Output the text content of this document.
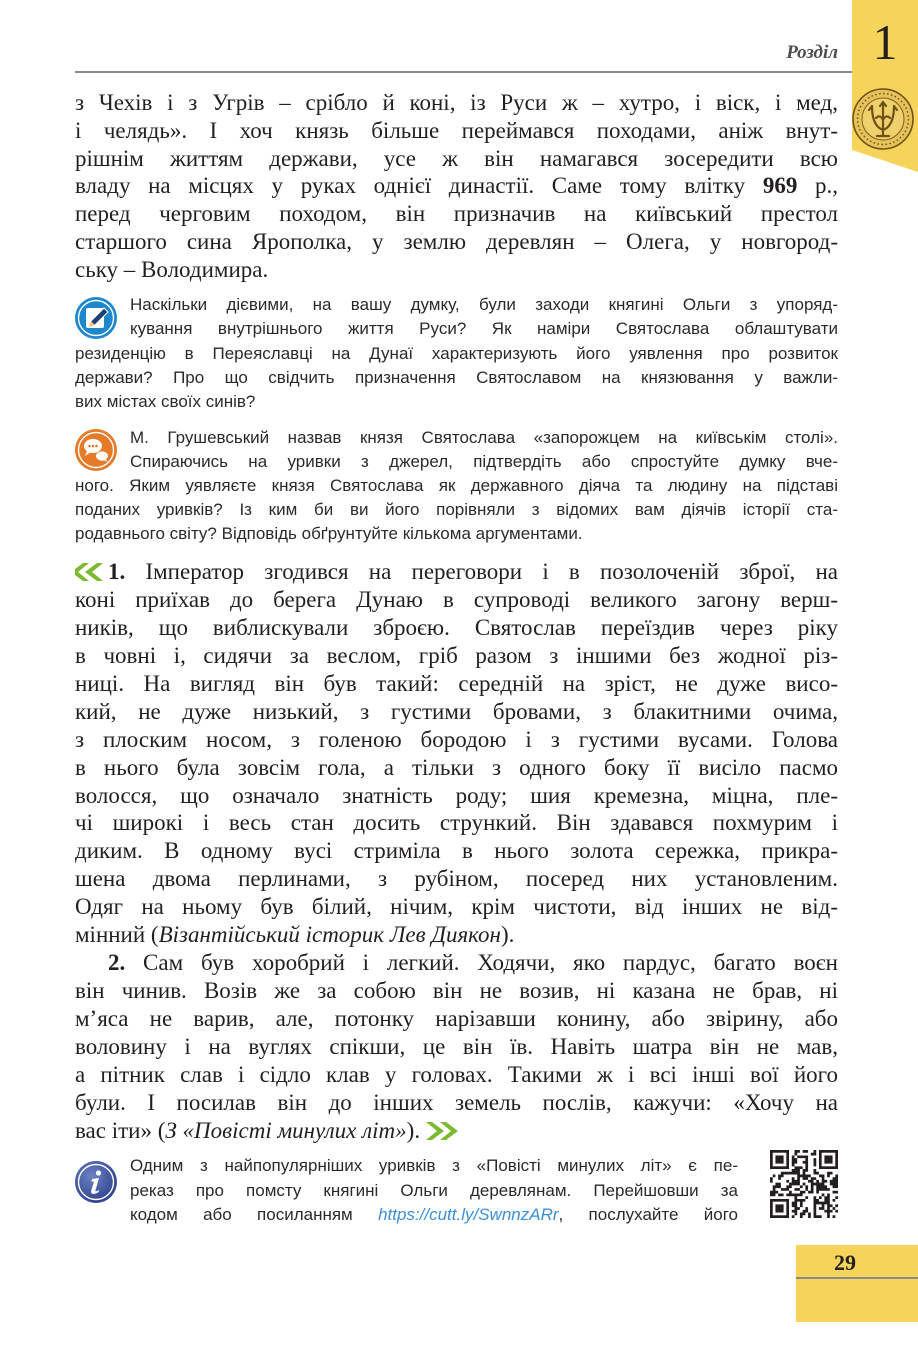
1
Розділ
з Чехів і з Угрів – срібло й коні, із Руси ж – хутро, і віск, і мед,
і челядь». І хоч князь більше переймався походами, аніж внут-
рішнім життям держави, усе ж він намагався зосередити всю
владу на місцях у руках однієї династії. Саме тому влітку 969 р.,
перед черговим походом, він призначив на київський престол
старшого сина Ярополка, у землю деревлян – Олега, у новгород-
ську – Володимира.
Наскільки дієвими, на вашу думку, були заходи княгині Ольги з упоряд-
кування внутрішнього життя Руси? Як наміри Святослава облаштувати
резиденцію в Переяславці на Дунаї характеризують його уявлення про розвиток
держави? Про що свідчить призначення Святославом на князювання у важли-
вих містах своїх синів?
М. Грушевський назвав князя Святослава «запорожцем на київськім столі».
Спираючись на уривки з джерел, підтвердіть або спростуйте думку вче-
ного. Яким уявляєте князя Святослава як державного діяча та людину на підставі
поданих уривків? Із ким би ви його порівняли з відомих вам діячів історії ста-
родавнього світу? Відповідь обґрунтуйте кількома аргументами.
1. Імператор згодився на переговори і в позолоченій зброї, на
коні приїхав до берега Дунаю в супроводі великого загону верш-
ників, що виблискували зброєю. Святослав переїздив через ріку
в човні і, сидячи за веслом, гріб разом з іншими без жодної різ-
ниці. На вигляд він був такий: середній на зріст, не дуже висо-
кий, не дуже низький, з густими бровами, з блакитними очима,
з плоским носом, з голеною бородою і з густими вусами. Голова
в нього була зовсім гола, а тільки з одного боку її висіло пасмо
волосся, що означало знатність роду; шия кремезна, міцна, пле-
чі широкі і весь стан досить стрункий. Він здавався похмурим і
диким. В одному вусі стриміла в нього золота сережка, прикра-
шена двома перлинами, з рубіном, посеред них установленим.
Одяг на ньому був білий, нічим, крім чистоти, від інших не від-
мінний (Візантійський історик Лев Диякон).
2. Сам був хоробрий і легкий. Ходячи, яко пардус, багато воєн
він чинив. Возів же за собою він не возив, ні казана не брав, ні
м’яса не варив, але, потонку нарізавши конину, або звірину, або
воловину і на вуглях спікши, це він їв. Навіть шатра він не мав,
а пітник слав і сідло клав у головах. Такими ж і всі інші вої його
були. І посилав він до інших земель послів, кажучи: «Хочу на
вас іти» (З «Повісті минулих літ»).
Одним з найпопулярніших уривків з «Повісті минулих літ» є пе-
реказ про помсту княгині Ольги деревлянам. Перейшовши за
кодом або посиланням https://cutt.ly/SwnnzARr, послухайте його
29
